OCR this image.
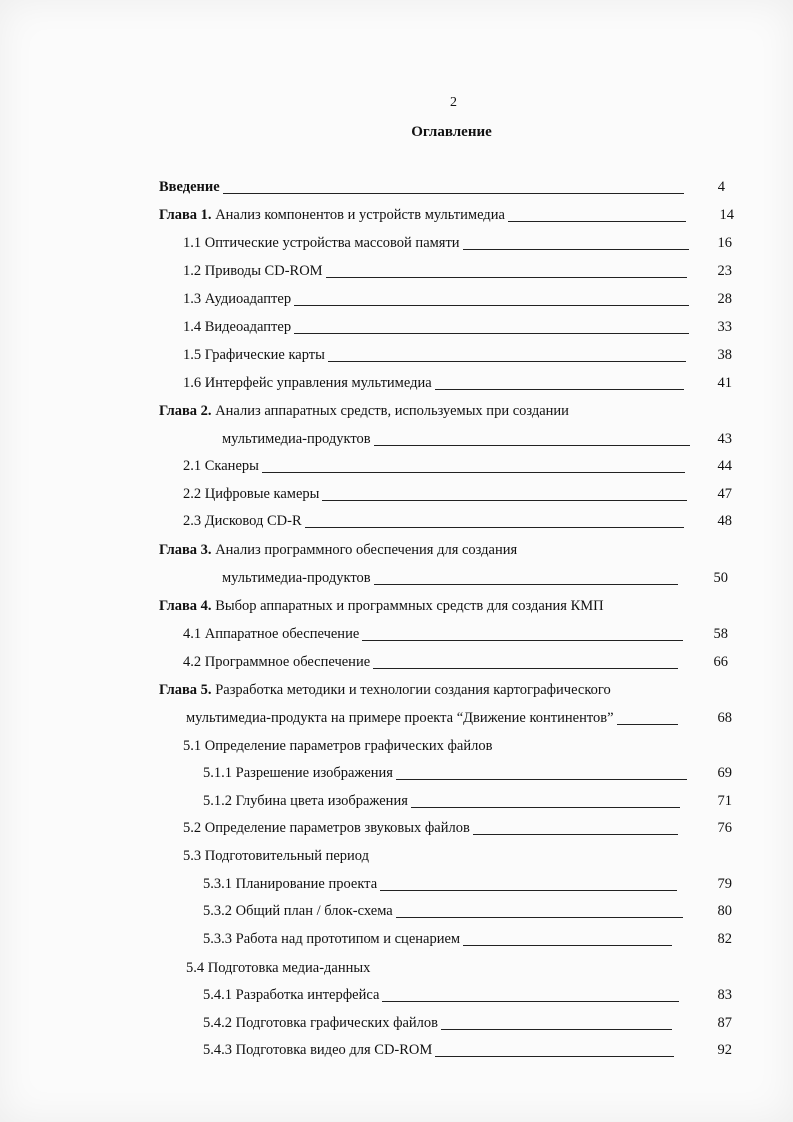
2
Оглавление
Введение	4
Глава 1. Анализ компонентов и устройств мультимедиа	14
1.1 Оптические устройства массовой памяти	16
1.2 Приводы CD-ROM	23
1.3 Аудиоадаптер	28
1.4 Видеоадаптер	33
1.5 Графические карты	38
1.6 Интерфейс управления мультимедиа	41
Глава 2. Анализ аппаратных средств, используемых при создании
мультимедиа-продуктов	43
2.1 Сканеры	44
2.2 Цифровые камеры	47
2.3 Дисковод CD-R	48
Глава 3. Анализ программного обеспечения для создания
мультимедиа-продуктов	50
Глава 4. Выбор аппаратных и программных средств для создания КМП
4.1 Аппаратное обеспечение	58
4.2 Программное обеспечение	66
Глава 5. Разработка методики и технологии создания картографического
мультимедиа-продукта на примере проекта “Движение континентов”	68
5.1 Определение параметров графических файлов
5.1.1 Разрешение изображения	69
5.1.2 Глубина цвета изображения	71
5.2 Определение параметров звуковых файлов	76
5.3 Подготовительный период
5.3.1 Планирование проекта	79
5.3.2 Общий план / блок-схема	80
5.3.3 Работа над прототипом и сценарием	82
5.4 Подготовка медиа-данных
5.4.1 Разработка интерфейса	83
5.4.2 Подготовка графических файлов	87
5.4.3 Подготовка видео для CD-ROM	92
